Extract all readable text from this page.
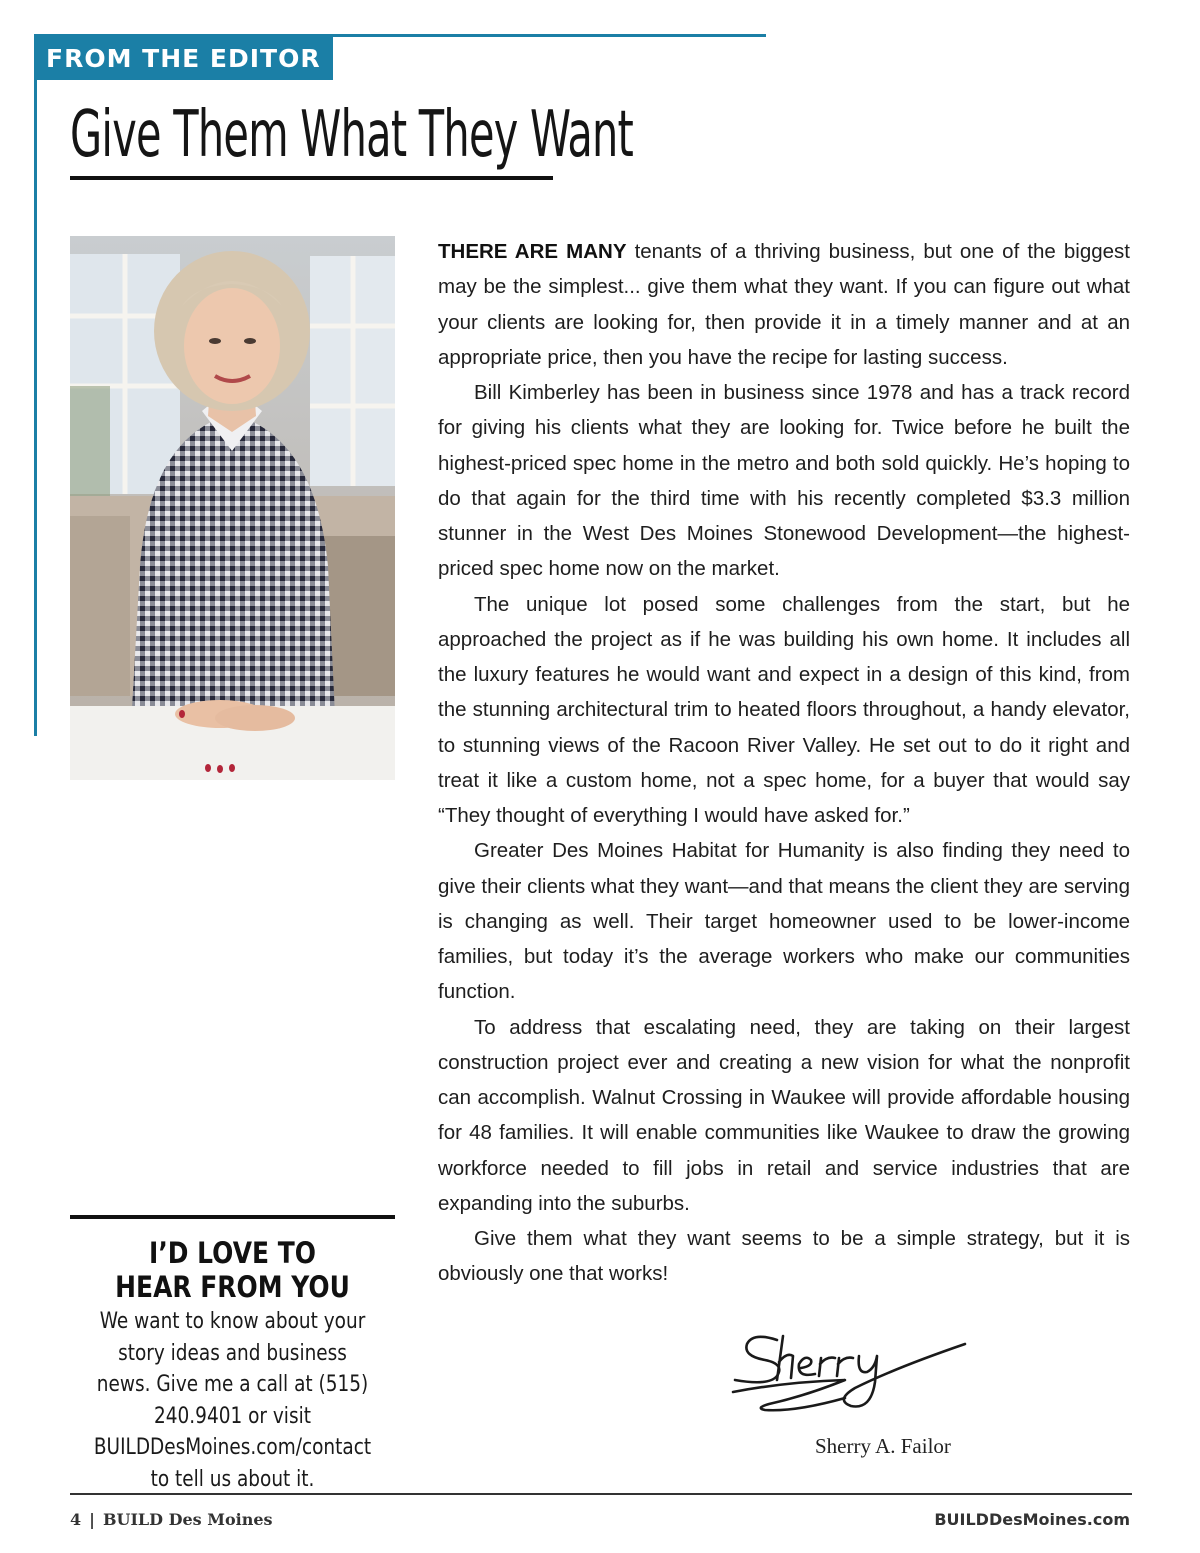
FROM THE EDITOR
Give Them What They Want

THERE ARE MANY tenants of a thriving business, but one of the biggest may be the simplest... give them what they want. If you can figure out what your clients are looking for, then provide it in a timely manner and at an appropriate price, then you have the recipe for lasting success.

Bill Kimberley has been in business since 1978 and has a track record for giving his clients what they are looking for. Twice before he built the highest-priced spec home in the metro and both sold quickly. He’s hoping to do that again for the third time with his recently completed $3.3 million stunner in the West Des Moines Stonewood Development—the highest-priced spec home now on the market.

The unique lot posed some challenges from the start, but he approached the project as if he was building his own home. It includes all the luxury features he would want and expect in a design of this kind, from the stunning architectural trim to heated floors throughout, a handy elevator, to stunning views of the Racoon River Valley. He set out to do it right and treat it like a custom home, not a spec home, for a buyer that would say “They thought of everything I would have asked for.”

Greater Des Moines Habitat for Humanity is also finding they need to give their clients what they want—and that means the client they are serving is changing as well. Their target homeowner used to be lower-income families, but today it’s the average workers who make our communities function.

To address that escalating need, they are taking on their largest construction project ever and creating a new vision for what the nonprofit can accomplish. Walnut Crossing in Waukee will provide affordable housing for 48 families. It will enable communities like Waukee to draw the growing workforce needed to fill jobs in retail and service industries that are expanding into the suburbs.

Give them what they want seems to be a simple strategy, but it is obviously one that works!

I’D LOVE TO
HEAR FROM YOU

We want to know about your story ideas and business news. Give me a call at (515) 240.9401 or visit BUILDDesMoines.com/contact to tell us about it.

Sherry A. Failor
4 | BUILD Des Moines	BUILDDesMoines.com
